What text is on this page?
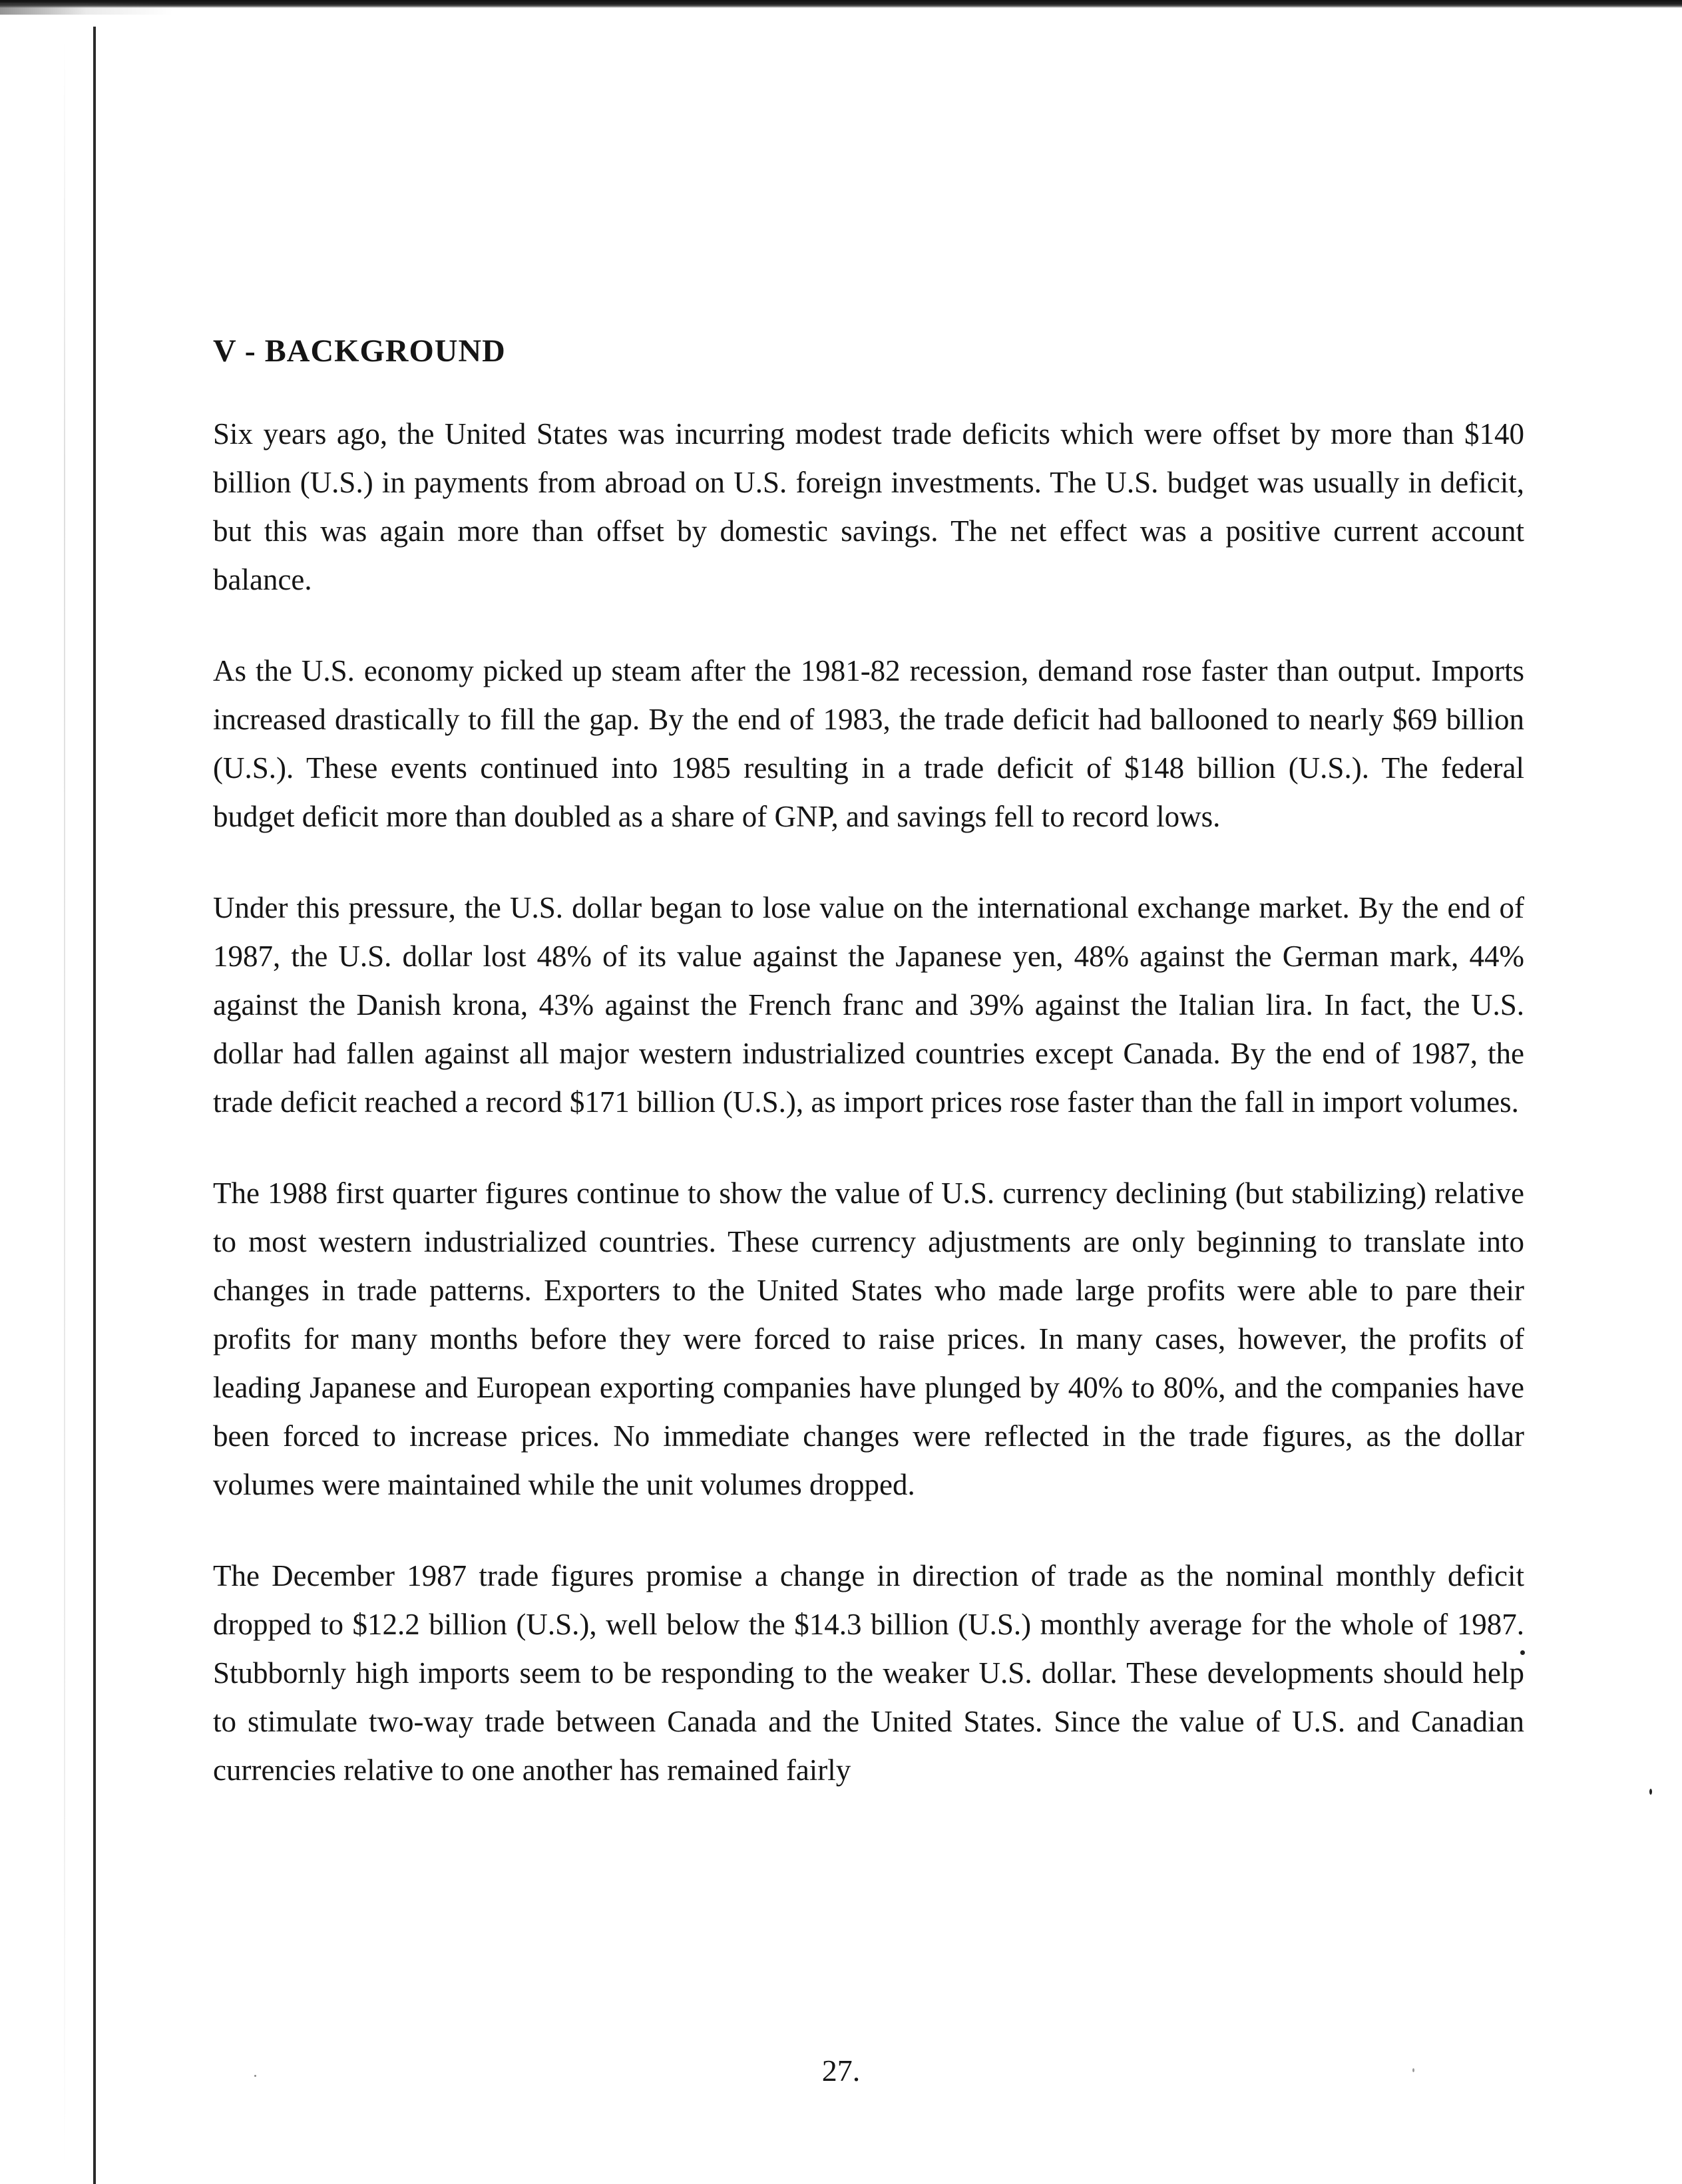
V - BACKGROUND

Six years ago, the United States was incurring modest trade deficits which were offset by more than $140 billion (U.S.) in payments from abroad on U.S. foreign investments. The U.S. budget was usually in deficit, but this was again more than offset by domestic savings. The net effect was a positive current account balance.

As the U.S. economy picked up steam after the 1981-82 recession, demand rose faster than output. Imports increased drastically to fill the gap. By the end of 1983, the trade deficit had ballooned to nearly $69 billion (U.S.). These events continued into 1985 resulting in a trade deficit of $148 billion (U.S.). The federal budget deficit more than doubled as a share of GNP, and savings fell to record lows.

Under this pressure, the U.S. dollar began to lose value on the international exchange market. By the end of 1987, the U.S. dollar lost 48% of its value against the Japanese yen, 48% against the German mark, 44% against the Danish krona, 43% against the French franc and 39% against the Italian lira. In fact, the U.S. dollar had fallen against all major western industrialized countries except Canada. By the end of 1987, the trade deficit reached a record $171 billion (U.S.), as import prices rose faster than the fall in import volumes.

The 1988 first quarter figures continue to show the value of U.S. currency declining (but stabilizing) relative to most western industrialized countries. These currency adjustments are only beginning to translate into changes in trade patterns. Exporters to the United States who made large profits were able to pare their profits for many months before they were forced to raise prices. In many cases, however, the profits of leading Japanese and European exporting companies have plunged by 40% to 80%, and the companies have been forced to increase prices. No immediate changes were reflected in the trade figures, as the dollar volumes were maintained while the unit volumes dropped.

The December 1987 trade figures promise a change in direction of trade as the nominal monthly deficit dropped to $12.2 billion (U.S.), well below the $14.3 billion (U.S.) monthly average for the whole of 1987. Stubbornly high imports seem to be responding to the weaker U.S. dollar. These developments should help to stimulate two-way trade between Canada and the United States. Since the value of U.S. and Canadian currencies relative to one another has remained fairly

27.
